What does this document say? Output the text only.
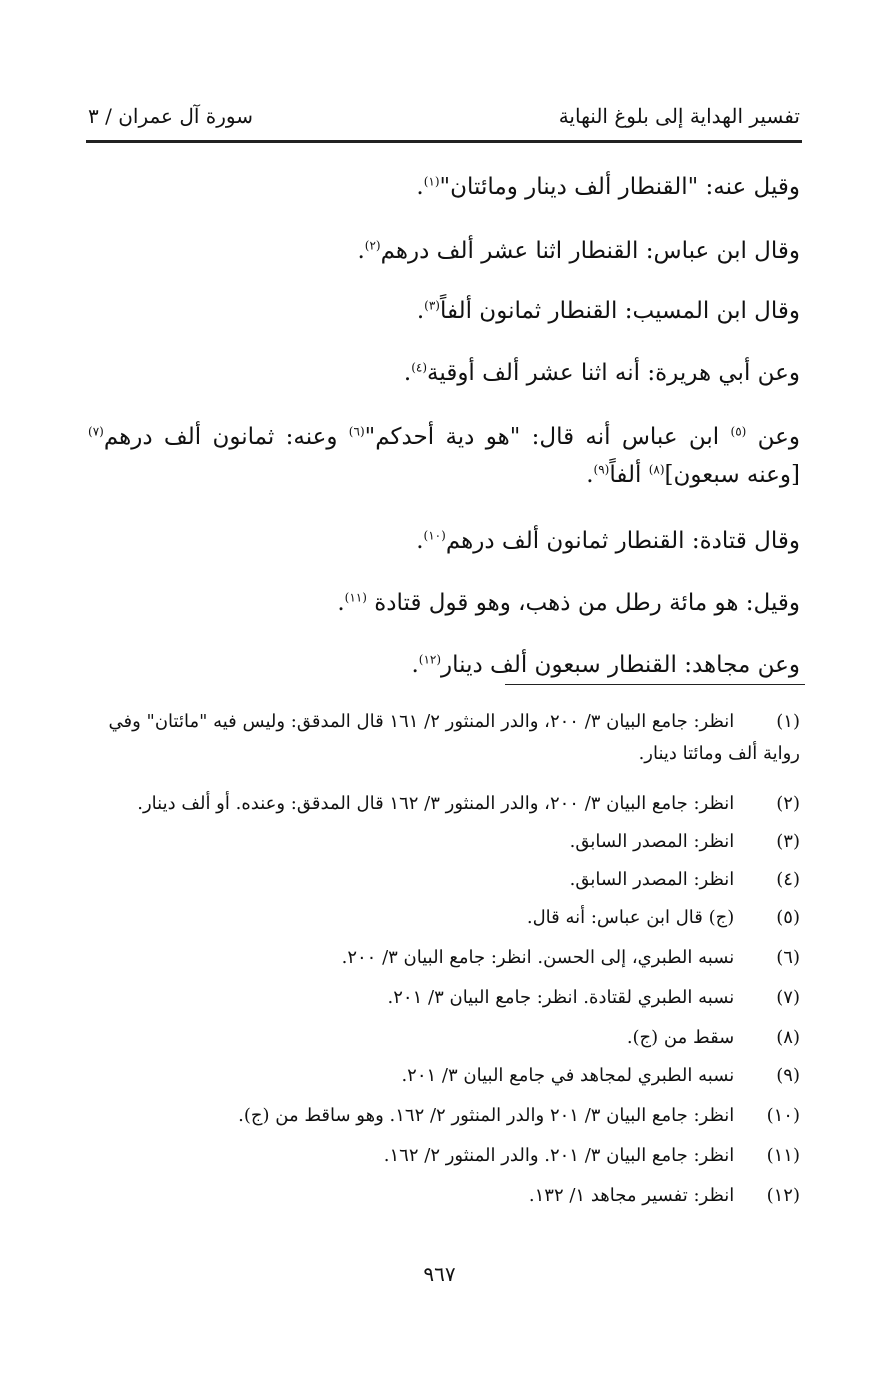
تفسير الهداية إلى بلوغ النهاية
سورة آل عمران / ٣
وقيل عنه: "القنطار ألف دينار ومائتان"$^{(١)}$.
وقال ابن عباس: القنطار اثنا عشر ألف درهم$^{(٢)}$.
وقال ابن المسيب: القنطار ثمانون ألفاً$^{(٣)}$.
وعن أبي هريرة: أنه اثنا عشر ألف أوقية$^{(٤)}$.
وعن $^{(٥)}$ ابن عباس أنه قال: "هو دية أحدكم"$^{(٦)}$ وعنه: ثمانون ألف درهم$^{(٧)}$ [وعنه سبعون]$^{(٨)}$ ألفاً$^{(٩)}$.
وقال قتادة: القنطار ثمانون ألف درهم$^{(١٠)}$.
وقيل: هو مائة رطل من ذهب، وهو قول قتادة $^{(١١)}$.
وعن مجاهد: القنطار سبعون ألف دينار$^{(١٢)}$.
(١) انظر: جامع البيان ٣/ ٢٠٠، والدر المنثور ٢/ ١٦١ قال المدقق: وليس فيه "مائتان" وفي رواية ألف ومائتا دينار.
(٢) انظر: جامع البيان ٣/ ٢٠٠، والدر المنثور ٣/ ١٦٢ قال المدقق: وعنده. أو ألف دينار.
(٣) انظر: المصدر السابق.
(٤) انظر: المصدر السابق.
(٥) (ج) قال ابن عباس: أنه قال.
(٦) نسبه الطبري، إلى الحسن. انظر: جامع البيان ٣/ ٢٠٠.
(٧) نسبه الطبري لقتادة. انظر: جامع البيان ٣/ ٢٠١.
(٨) سقط من (ج).
(٩) نسبه الطبري لمجاهد في جامع البيان ٣/ ٢٠١.
(١٠) انظر: جامع البيان ٣/ ٢٠١ والدر المنثور ٢/ ١٦٢. وهو ساقط من (ج).
(١١) انظر: جامع البيان ٣/ ٢٠١. والدر المنثور ٢/ ١٦٢.
(١٢) انظر: تفسير مجاهد ١/ ١٣٢.
٩٦٧
